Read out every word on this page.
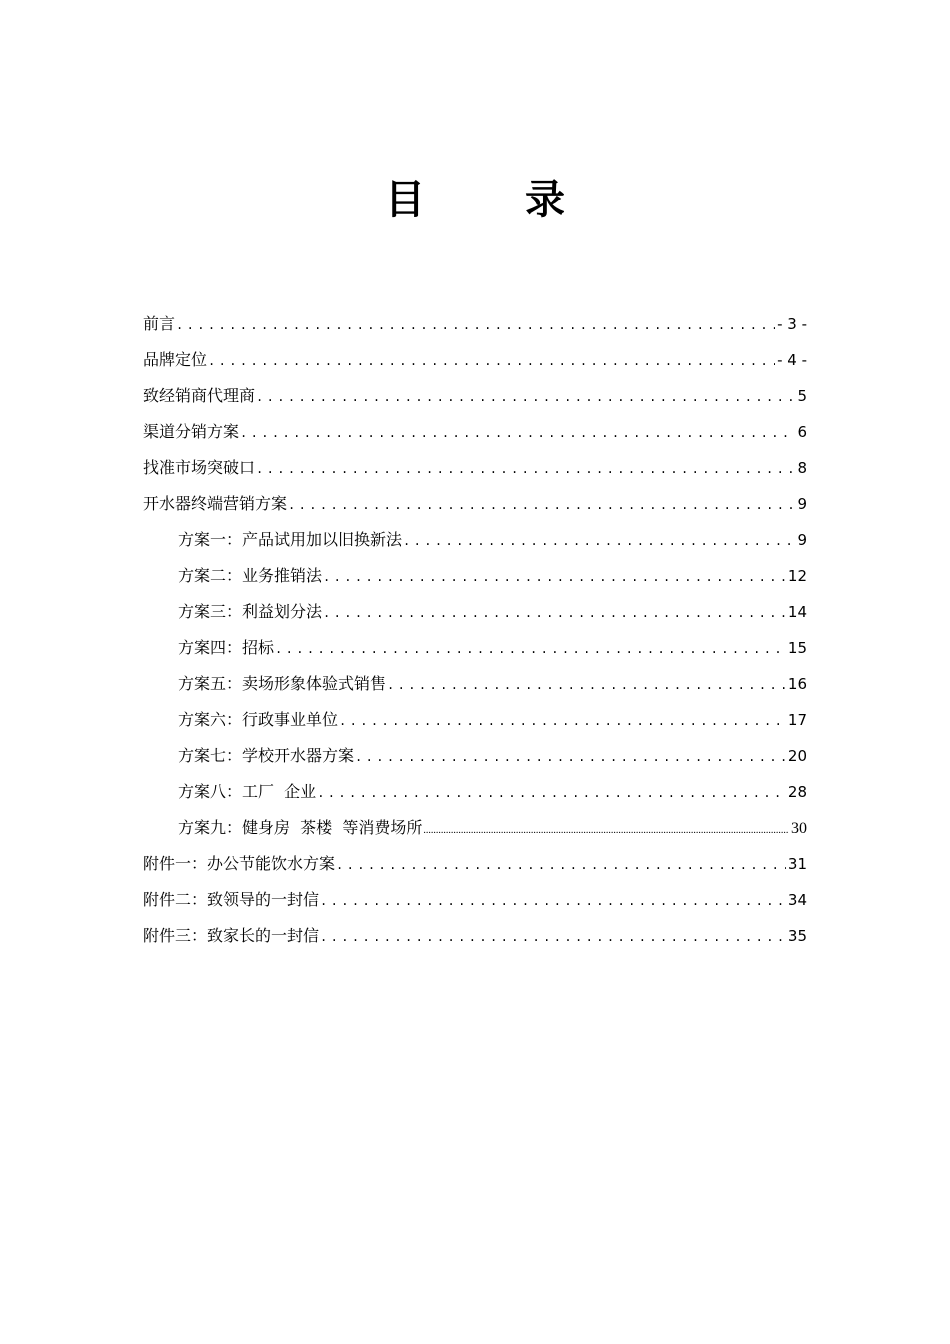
目	录
前言 .....	- 3 -
品牌定位 .....	- 4 -
致经销商代理商 .....	5
渠道分销方案 .....	6
找准市场突破口 .....	8
开水器终端营销方案 .....	9
方案一：产品试用加以旧换新法 .....	9
方案二：业务推销法 .....	12
方案三：利益划分法 .....	14
方案四：招标 .....	15
方案五：卖场形象体验式销售 .....	16
方案六：行政事业单位 .....	17
方案七：学校开水器方案 .....	20
方案八：工厂  企业 .....	28
方案九：健身房  茶楼  等消费场所 .....	30
附件一：办公节能饮水方案 .....	31
附件二：致领导的一封信 .....	34
附件三：致家长的一封信 .....	35
